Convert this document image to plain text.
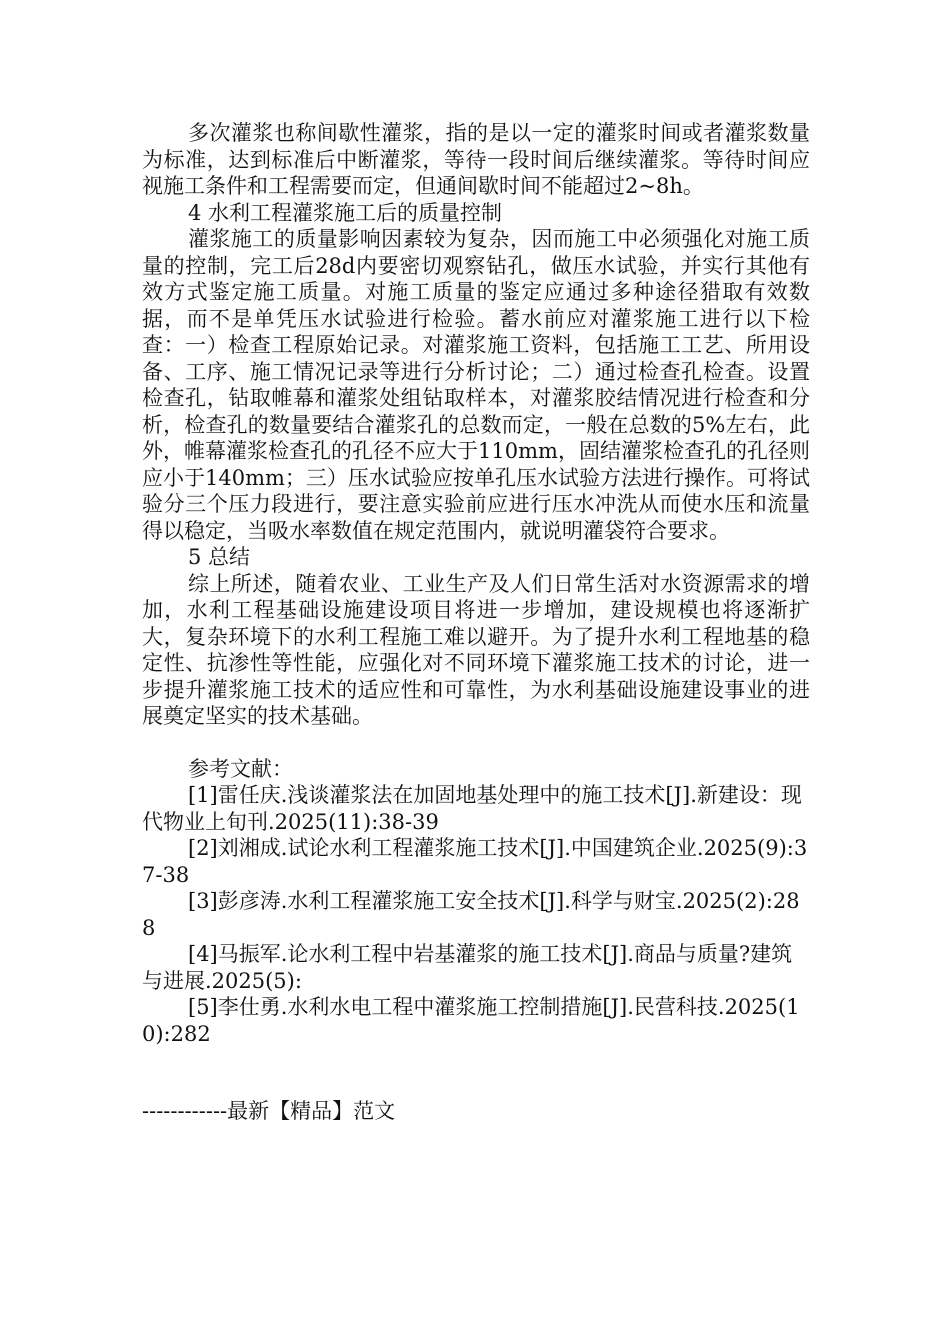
多次灌浆也称间歇性灌浆，指的是以一定的灌浆时间或者灌浆数量为标准，达到标准后中断灌浆，等待一段时间后继续灌浆。等待时间应视施工条件和工程需要而定，但通间歇时间不能超过2~8h。

4 水利工程灌浆施工后的质量控制

灌浆施工的质量影响因素较为复杂，因而施工中必须强化对施工质量的控制，完工后28d内要密切观察钻孔，做压水试验，并实行其他有效方式鉴定施工质量。对施工质量的鉴定应通过多种途径猎取有效数据，而不是单凭压水试验进行检验。蓄水前应对灌浆施工进行以下检查：一）检查工程原始记录。对灌浆施工资料，包括施工工艺、所用设备、工序、施工情况记录等进行分析讨论；二）通过检查孔检查。设置检查孔，钻取帷幕和灌浆处组钻取样本，对灌浆胶结情况进行检查和分析，检查孔的数量要结合灌浆孔的总数而定，一般在总数的5%左右，此外，帷幕灌浆检查孔的孔径不应大于110mm，固结灌浆检查孔的孔径则应小于140mm；三）压水试验应按单孔压水试验方法进行操作。可将试验分三个压力段进行，要注意实验前应进行压水冲洗从而使水压和流量得以稳定，当吸水率数值在规定范围内，就说明灌袋符合要求。

5 总结

综上所述，随着农业、工业生产及人们日常生活对水资源需求的增加，水利工程基础设施建设项目将进一步增加，建设规模也将逐渐扩大，复杂环境下的水利工程施工难以避开。为了提升水利工程地基的稳定性、抗渗性等性能，应强化对不同环境下灌浆施工技术的讨论，进一步提升灌浆施工技术的适应性和可靠性，为水利基础设施建设事业的进展奠定坚实的技术基础。

参考文献：

[1]雷任庆.浅谈灌浆法在加固地基处理中的施工技术[J].新建设：现代物业上旬刊.2025(11):38-39

[2]刘湘成.试论水利工程灌浆施工技术[J].中国建筑企业.2025(9):37-38

[3]彭彦涛.水利工程灌浆施工安全技术[J].科学与财宝.2025(2):288

[4]马振军.论水利工程中岩基灌浆的施工技术[J].商品与质量?建筑与进展.2025(5):

[5]李仕勇.水利水电工程中灌浆施工控制措施[J].民营科技.2025(10):282

------------最新【精品】范文
